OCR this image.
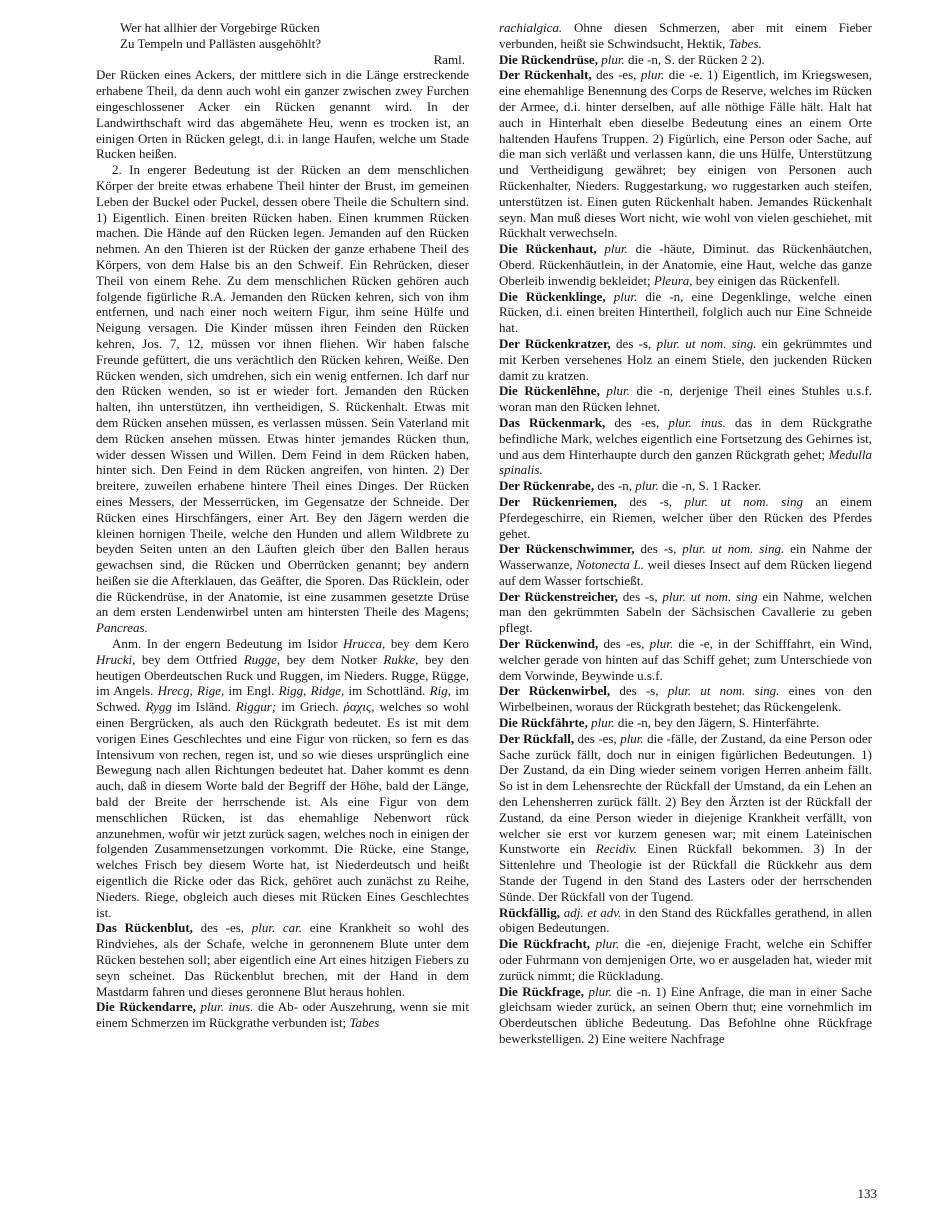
Wer hat allhier der Vorgebirge Rücken
Zu Tempeln und Pallästen ausgehöhlt?
Raml.

Der Rücken eines Ackers, der mittlere sich in die Länge erstreckende erhabene Theil, da denn auch wohl ein ganzer zwischen zwey Furchen eingeschlossener Acker ein Rücken genannt wird. In der Landwirthschaft wird das abgemähete Heu, wenn es trocken ist, an einigen Orten in Rücken gelegt, d.i. in lange Haufen, welche um Stade Rucken heißen.

2. In engerer Bedeutung ist der Rücken an dem menschlichen Körper der breite etwas erhabene Theil hinter der Brust, im gemeinen Leben der Buckel oder Puckel, dessen obere Theile die Schultern sind. 1) Eigentlich. Einen breiten Rücken haben. Einen krummen Rücken machen. Die Hände auf den Rücken legen. Jemanden auf den Rücken nehmen. An den Thieren ist der Rücken der ganze erhabene Theil des Körpers, von dem Halse bis an den Schweif. Ein Rehrücken, dieser Theil von einem Rehe. Zu dem menschlichen Rücken gehören auch folgende figürliche R.A. Jemanden den Rücken kehren, sich von ihm entfernen, und nach einer noch weitern Figur, ihm seine Hülfe und Neigung versagen. Die Kinder müssen ihren Feinden den Rücken kehren, Jos. 7, 12, müssen vor ihnen fliehen. Wir haben falsche Freunde gefüttert, die uns verächtlich den Rücken kehren, Weiße. Den Rücken wenden, sich umdrehen, sich ein wenig entfernen. Ich darf nur den Rücken wenden, so ist er wieder fort. Jemanden den Rücken halten, ihn unterstützen, ihn vertheidigen, S. Rückenhalt. Etwas mit dem Rücken ansehen müssen, es verlassen müssen. Sein Vaterland mit dem Rücken ansehen müssen. Etwas hinter jemandes Rücken thun, wider dessen Wissen und Willen. Dem Feind in dem Rücken haben, hinter sich. Den Feind in dem Rücken angreifen, von hinten. 2) Der breitere, zuweilen erhabene hintere Theil eines Dinges. Der Rücken eines Messers, der Messerrücken, im Gegensatze der Schneide. Der Rücken eines Hirschfängers, einer Art. Bey den Jägern werden die kleinen hornigen Theile, welche den Hunden und allem Wildbrete zu beyden Seiten unten an den Läuften gleich über den Ballen heraus gewachsen sind, die Rücken und Oberrücken genannt; bey andern heißen sie die Afterklauen, das Geäfter, die Sporen. Das Rücklein, oder die Rückendrüse, in der Anatomie, ist eine zusammen gesetzte Drüse an dem ersten Lendenwirbel unten am hintersten Theile des Magens; Pancreas.

Anm. In der engern Bedeutung im Isidor Hrucca, bey dem Kero Hrucki, bey dem Ottfried Rugge, bey dem Notker Rukke, bey den heutigen Oberdeutschen Ruck und Ruggen, im Nieders. Rugge, Rügge, im Angels. Hrecg, Rige, im Engl. Rigg, Ridge, im Schottländ. Rig, im Schwed. Rygg im Isländ. Riggur; im Griech. ῥαχις, welches so wohl einen Bergrücken, als auch den Rückgrath bedeutet. Es ist mit dem vorigen Eines Geschlechtes und eine Figur von rücken, so fern es das Intensivum von rechen, regen ist, und so wie dieses ursprünglich eine Bewegung nach allen Richtungen bedeutet hat. Daher kommt es denn auch, daß in diesem Worte bald der Begriff der Höhe, bald der Länge, bald der Breite der herrschende ist. Als eine Figur von dem menschlichen Rücken, ist das ehemahlige Nebenwort rück anzunehmen, wofür wir jetzt zurück sagen, welches noch in einigen der folgenden Zusammensetzungen vorkommt. Die Rücke, eine Stange, welches Frisch bey diesem Worte hat, ist Niederdeutsch und heißt eigentlich die Ricke oder das Rick, gehöret auch zunächst zu Reihe, Nieders. Riege, obgleich auch dieses mit Rücken Eines Geschlechtes ist.

Das Rückenblut, des -es, plur. car. eine Krankheit so wohl des Rindviehes, als der Schafe, welche in geronnenem Blute unter dem Rücken bestehen soll; aber eigentlich eine Art eines hitzigen Fiebers zu seyn scheinet. Das Rückenblut brechen, mit der Hand in dem Mastdarm fahren und dieses geronnene Blut heraus hohlen.

Die Rückendarre, plur. inus. die Ab- oder Auszehrung, wenn sie mit einem Schmerzen im Rückgrathe verbunden ist; Tabes

rachialgica. Ohne diesen Schmerzen, aber mit einem Fieber verbunden, heißt sie Schwindsucht, Hektik, Tabes.

Die Rückendrüse, plur. die -n, S. der Rücken 2 2).

Der Rückenhalt, des -es, plur. die -e. 1) Eigentlich, im Kriegswesen, eine ehemahlige Benennung des Corps de Reserve, welches im Rücken der Armee, d.i. hinter derselben, auf alle nöthige Fälle hält. Halt hat auch in Hinterhalt eben dieselbe Bedeutung eines an einem Orte haltenden Haufens Truppen. 2) Figürlich, eine Person oder Sache, auf die man sich verläßt und verlassen kann, die uns Hülfe, Unterstützung und Vertheidigung gewähret; bey einigen von Personen auch Rückenhalter, Nieders. Ruggestarkung, wo ruggestarken auch steifen, unterstützen ist. Einen guten Rückenhalt haben. Jemandes Rückenhalt seyn. Man muß dieses Wort nicht, wie wohl von vielen geschiehet, mit Rückhalt verwechseln.

Die Rückenhaut, plur. die -häute, Diminut. das Rückenhäutchen, Oberd. Rückenhäutlein, in der Anatomie, eine Haut, welche das ganze Oberleib inwendig bekleidet; Pleura, bey einigen das Rückenfell.

Die Rückenklinge, plur. die -n, eine Degenklinge, welche einen Rücken, d.i. einen breiten Hintertheil, folglich auch nur Eine Schneide hat.

Der Rückenkratzer, des -s, plur. ut nom. sing. ein gekrümmtes und mit Kerben versehenes Holz an einem Stiele, den juckenden Rücken damit zu kratzen.

Die Rückenlēhne, plur. die -n, derjenige Theil eines Stuhles u.s.f. woran man den Rücken lehnet.

Das Rückenmark, des -es, plur. inus. das in dem Rückgrathe befindliche Mark, welches eigentlich eine Fortsetzung des Gehirnes ist, und aus dem Hinterhaupte durch den ganzen Rückgrath gehet; Medulla spinalis.

Der Rückenrabe, des -n, plur. die -n, S. 1 Racker.

Der Rückenriemen, des -s, plur. ut nom. sing an einem Pferdegeschirre, ein Riemen, welcher über den Rücken des Pferdes gehet.

Der Rückenschwimmer, des -s, plur. ut nom. sing. ein Nahme der Wasserwanze, Notonecta L. weil dieses Insect auf dem Rücken liegend auf dem Wasser fortschießt.

Der Rückenstreicher, des -s, plur. ut nom. sing ein Nahme, welchen man den gekrümmten Sabeln der Sächsischen Cavallerie zu geben pflegt.

Der Rückenwind, des -es, plur. die -e, in der Schifffahrt, ein Wind, welcher gerade von hinten auf das Schiff gehet; zum Unterschiede von dem Vorwinde, Beywinde u.s.f.

Der Rückenwirbel, des -s, plur. ut nom. sing. eines von den Wirbelbeinen, woraus der Rückgrath bestehet; das Rückengelenk.

Die Rückfährte, plur. die -n, bey den Jägern, S. Hinterfährte.

Der Rückfall, des -es, plur. die -fälle, der Zustand, da eine Person oder Sache zurück fällt, doch nur in einigen figürlichen Bedeutungen. 1) Der Zustand, da ein Ding wieder seinem vorigen Herren anheim fällt. So ist in dem Lehensrechte der Rückfall der Umstand, da ein Lehen an den Lehensherren zurück fällt. 2) Bey den Ärzten ist der Rückfall der Zustand, da eine Person wieder in diejenige Krankheit verfällt, von welcher sie erst vor kurzem genesen war; mit einem Lateinischen Kunstworte ein Recidiv. Einen Rückfall bekommen. 3) In der Sittenlehre und Theologie ist der Rückfall die Rückkehr aus dem Stande der Tugend in den Stand des Lasters oder der herrschenden Sünde. Der Rückfall von der Tugend.

Rückfällig, adj. et adv. in den Stand des Rückfalles gerathend, in allen obigen Bedeutungen.

Die Rückfracht, plur. die -en, diejenige Fracht, welche ein Schiffer oder Fuhrmann von demjenigen Orte, wo er ausgeladen hat, wieder mit zurück nimmt; die Rückladung.

Die Rückfrage, plur. die -n. 1) Eine Anfrage, die man in einer Sache gleichsam wieder zurück, an seinen Obern thut; eine vornehmlich im Oberdeutschen übliche Bedeutung. Das Befohlne ohne Rückfrage bewerkstelligen. 2) Eine weitere Nachfrage

133
